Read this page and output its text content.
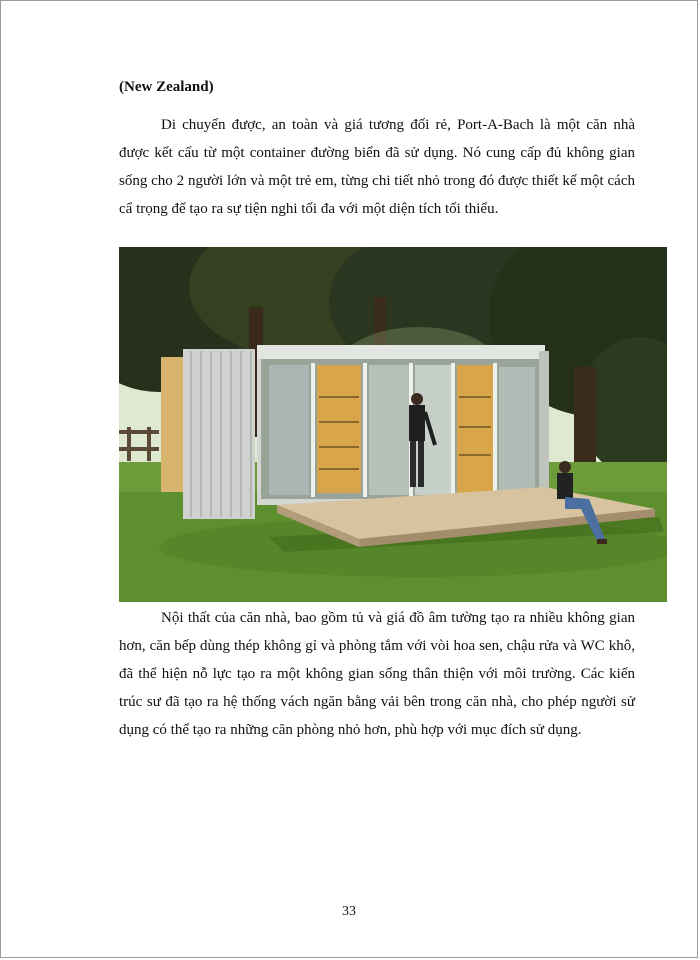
(New Zealand)

Di chuyển được, an toàn và giá tương đối rẻ, Port-A-Bach là một căn nhà được kết cấu từ một container đường biển đã sử dụng. Nó cung cấp đủ không gian sống cho 2 người lớn và một trẻ em, từng chi tiết nhỏ trong đó được thiết kế một cách cẩ trọng để tạo ra sự tiện nghi tối đa với một diện tích tối thiểu.

Nội thất của căn nhà, bao gồm tủ và giá đồ âm tường tạo ra nhiều không gian hơn, căn bếp dùng thép không gỉ và phòng tắm với vòi hoa sen, chậu rửa và WC khô, đã thể hiện nỗ lực tạo ra một không gian sống thân thiện với môi trường. Các kiến trúc sư đã tạo ra hệ thống vách ngăn bằng vải bên trong căn nhà, cho phép người sử dụng có thể tạo ra những căn phòng nhỏ hơn, phù hợp với mục đích sử dụng.

33
